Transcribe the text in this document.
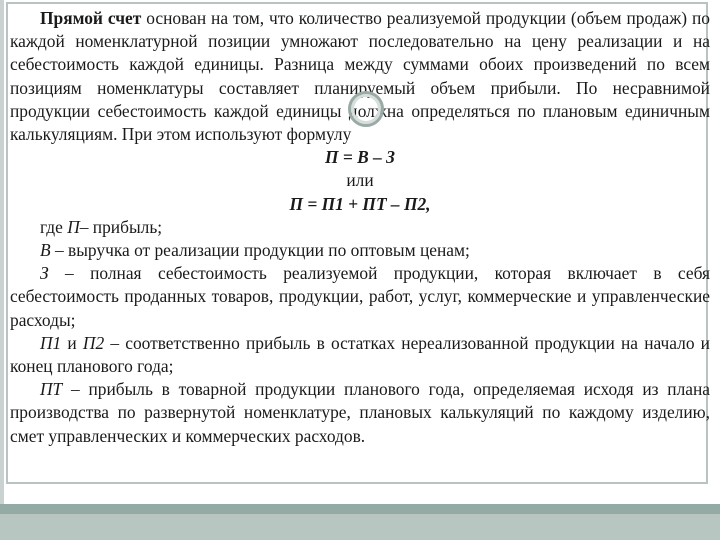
Прямой счет основан на том, что количество реализуемой продукции (объем продаж) по каждой номенклатурной позиции умножают последовательно на цену реализации и на себестоимость каждой единицы. Разница между суммами обоих произведений по всем позициям номенклатуры составляет планируемый объем прибыли. По несравнимой продукции себестоимость каждой единицы должна определяться по плановым единичным калькуляциям. При этом используют формулу

П = В – З

или

П = П1 + ПТ – П2,

где П– прибыль;

В – выручка от реализации продукции по оптовым ценам;

З – полная себестоимость реализуемой продукции, которая включает в себя себестоимость проданных товаров, продукции, работ, услуг, коммерческие и управленческие расходы;

П1 и П2 – соответственно прибыль в остатках нереализованной продукции на начало и конец планового года;

ПТ – прибыль в товарной продукции планового года, определяемая исходя из плана производства по развернутой номенклатуре, плановых калькуляций по каждому изделию, смет управленческих и коммерческих расходов.
